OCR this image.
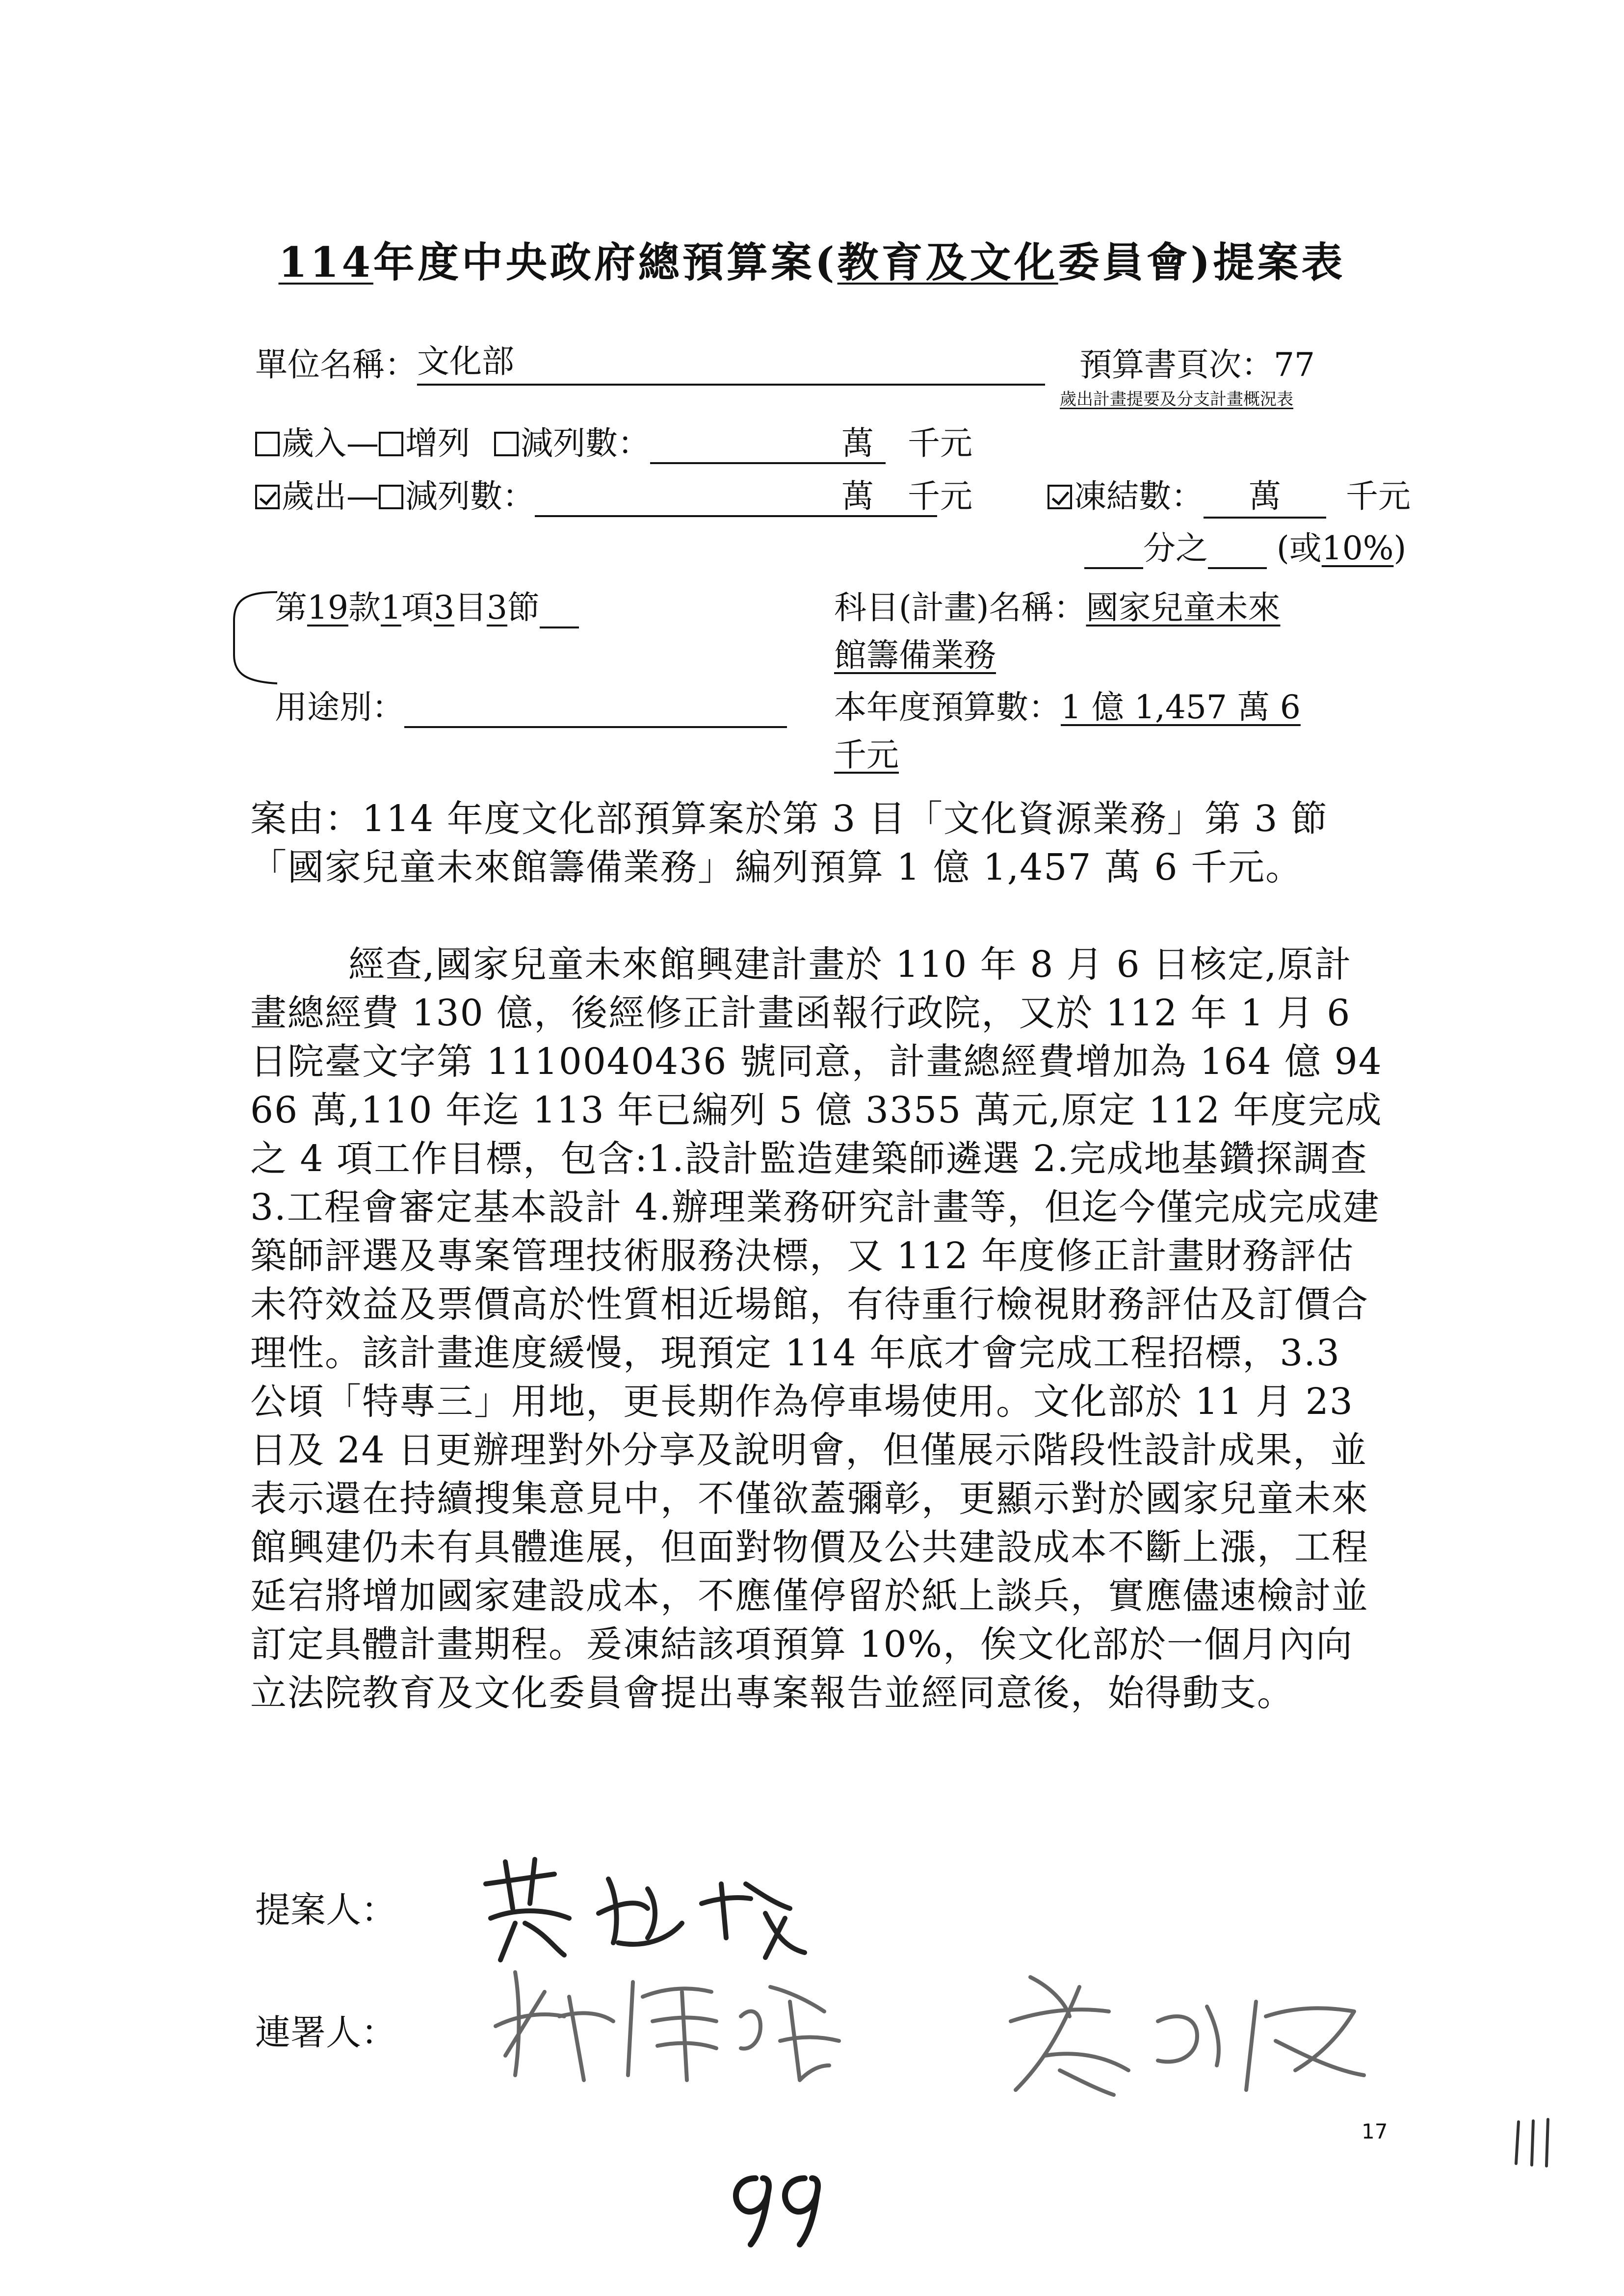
114年度中央政府總預算案(教育及文化委員會)提案表
單位名稱： 文化部
	預算書頁次：77
歲出計畫提要及分支計畫概況表
歲入— 增列 減列數：	萬 千元
歲出— 減列數：	萬 千元	凍結數： 萬 千元
分之 (或10%)
第19款1項3目3節	科目(計畫)名稱：國家兒童未來
館籌備業務
用途別：	本年度預算數：1 億 1,457 萬 6
千元
案由：114 年度文化部預算案於第 3 目「文化資源業務」第 3 節「國家兒童未來館籌備業務」編列預算 1 億 1,457 萬 6 千元。
經查,國家兒童未來館興建計畫於 110 年 8 月 6 日核定,原計畫總經費 130 億，後經修正計畫函報行政院，又於 112 年 1 月 6 日院臺文字第 1110040436 號同意，計畫總經費增加為 164 億 9466 萬,110 年迄 113 年已編列 5 億 3355 萬元,原定 112 年度完成之 4 項工作目標，包含:1.設計監造建築師遴選 2.完成地基鑽探調查 3.工程會審定基本設計 4.辦理業務研究計畫等，但迄今僅完成完成建築師評選及專案管理技術服務決標，又 112 年度修正計畫財務評估未符效益及票價高於性質相近場館，有待重行檢視財務評估及訂價合理性。該計畫進度緩慢，現預定 114 年底才會完成工程招標，3.3 公頃「特專三」用地，更長期作為停車場使用。文化部於 11 月 23 日及 24 日更辦理對外分享及說明會，但僅展示階段性設計成果，並表示還在持續搜集意見中，不僅欲蓋彌彰，更顯示對於國家兒童未來館興建仍未有具體進展，但面對物價及公共建設成本不斷上漲，工程延宕將增加國家建設成本，不應僅停留於紙上談兵，實應儘速檢討並訂定具體計畫期程。爰凍結該項預算 10%，俟文化部於一個月內向立法院教育及文化委員會提出專案報告並經同意後，始得動支。
提案人：
連署人：
17
